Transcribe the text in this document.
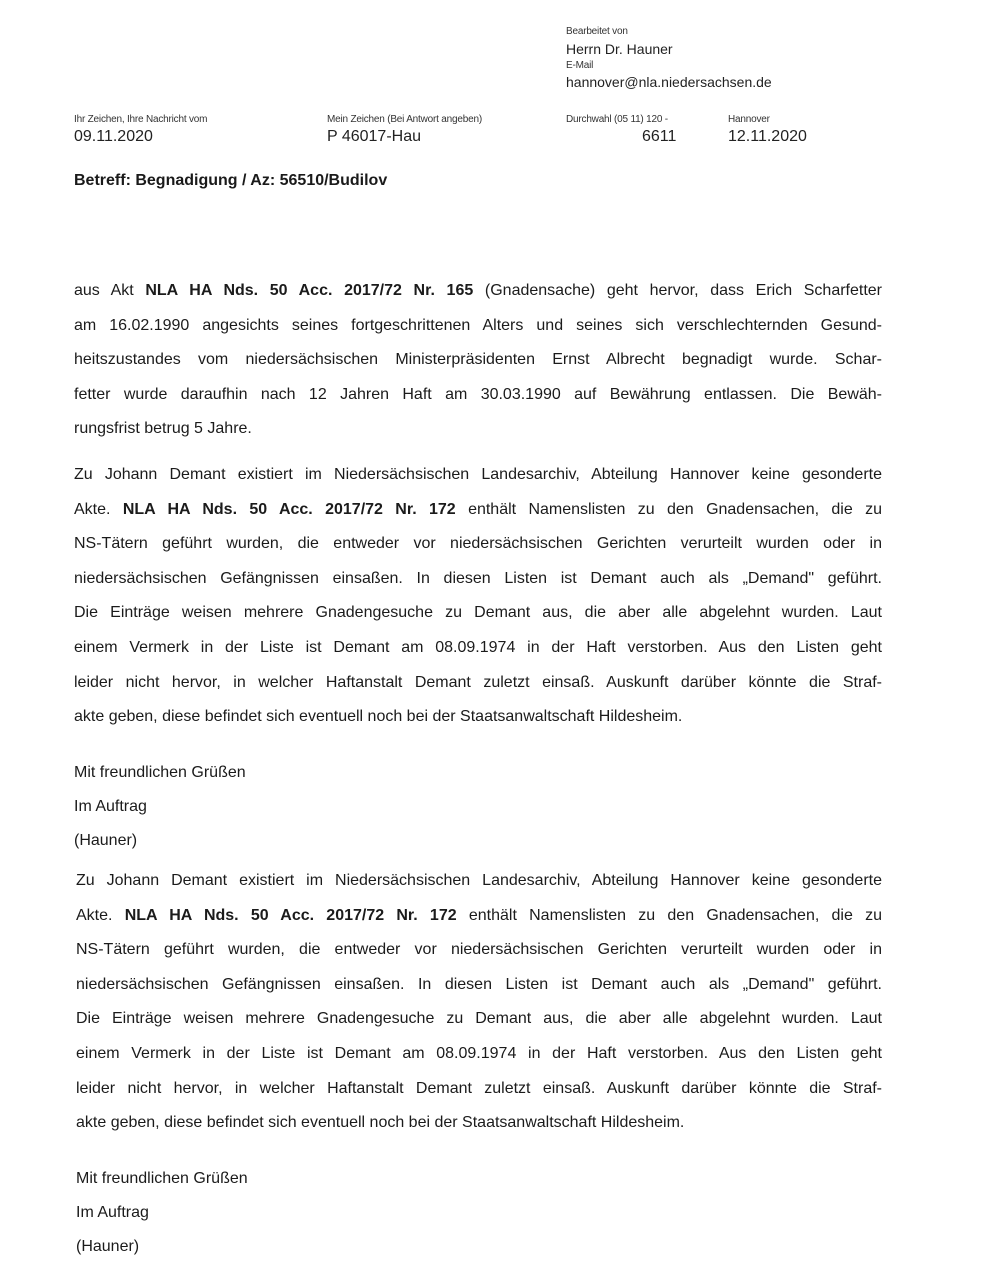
Bearbeitet von
Herrn Dr. Hauner
E-Mail
hannover@nla.niedersachsen.de
Ihr Zeichen, Ihre Nachricht vom
09.11.2020
Mein Zeichen (Bei Antwort angeben)
P 46017-Hau
Durchwahl (05 11) 120 -
6611
Hannover
12.11.2020
Betreff: Begnadigung / Az: 56510/Budilov
aus Akt NLA HA Nds. 50 Acc. 2017/72 Nr. 165 (Gnadensache) geht hervor, dass Erich Scharfetter
am 16.02.1990 angesichts seines fortgeschrittenen Alters und seines sich verschlechternden Gesund-
heitszustandes vom niedersächsischen Ministerpräsidenten Ernst Albrecht begnadigt wurde. Schar-
fetter wurde daraufhin nach 12 Jahren Haft am 30.03.1990 auf Bewährung entlassen. Die Bewäh-
rungsfrist betrug 5 Jahre.
Zu Johann Demant existiert im Niedersächsischen Landesarchiv, Abteilung Hannover keine gesonderte
Akte. NLA HA Nds. 50 Acc. 2017/72 Nr. 172 enthält Namenslisten zu den Gnadensachen, die zu
NS-Tätern geführt wurden, die entweder vor niedersächsischen Gerichten verurteilt wurden oder in
niedersächsischen Gefängnissen einsaßen. In diesen Listen ist Demant auch als „Demand" geführt.
Die Einträge weisen mehrere Gnadengesuche zu Demant aus, die aber alle abgelehnt wurden. Laut
einem Vermerk in der Liste ist Demant am 08.09.1974 in der Haft verstorben. Aus den Listen geht
leider nicht hervor, in welcher Haftanstalt Demant zuletzt einsaß. Auskunft darüber könnte die Straf-
akte geben, diese befindet sich eventuell noch bei der Staatsanwaltschaft Hildesheim.
Mit freundlichen Grüßen
Im Auftrag
(Hauner)
Zu Johann Demant existiert im Niedersächsischen Landesarchiv, Abteilung Hannover keine gesonderte
Akte. NLA HA Nds. 50 Acc. 2017/72 Nr. 172 enthält Namenslisten zu den Gnadensachen, die zu
NS-Tätern geführt wurden, die entweder vor niedersächsischen Gerichten verurteilt wurden oder in
niedersächsischen Gefängnissen einsaßen. In diesen Listen ist Demant auch als „Demand" geführt.
Die Einträge weisen mehrere Gnadengesuche zu Demant aus, die aber alle abgelehnt wurden. Laut
einem Vermerk in der Liste ist Demant am 08.09.1974 in der Haft verstorben. Aus den Listen geht
leider nicht hervor, in welcher Haftanstalt Demant zuletzt einsaß. Auskunft darüber könnte die Straf-
akte geben, diese befindet sich eventuell noch bei der Staatsanwaltschaft Hildesheim.
Mit freundlichen Grüßen
Im Auftrag
(Hauner)
